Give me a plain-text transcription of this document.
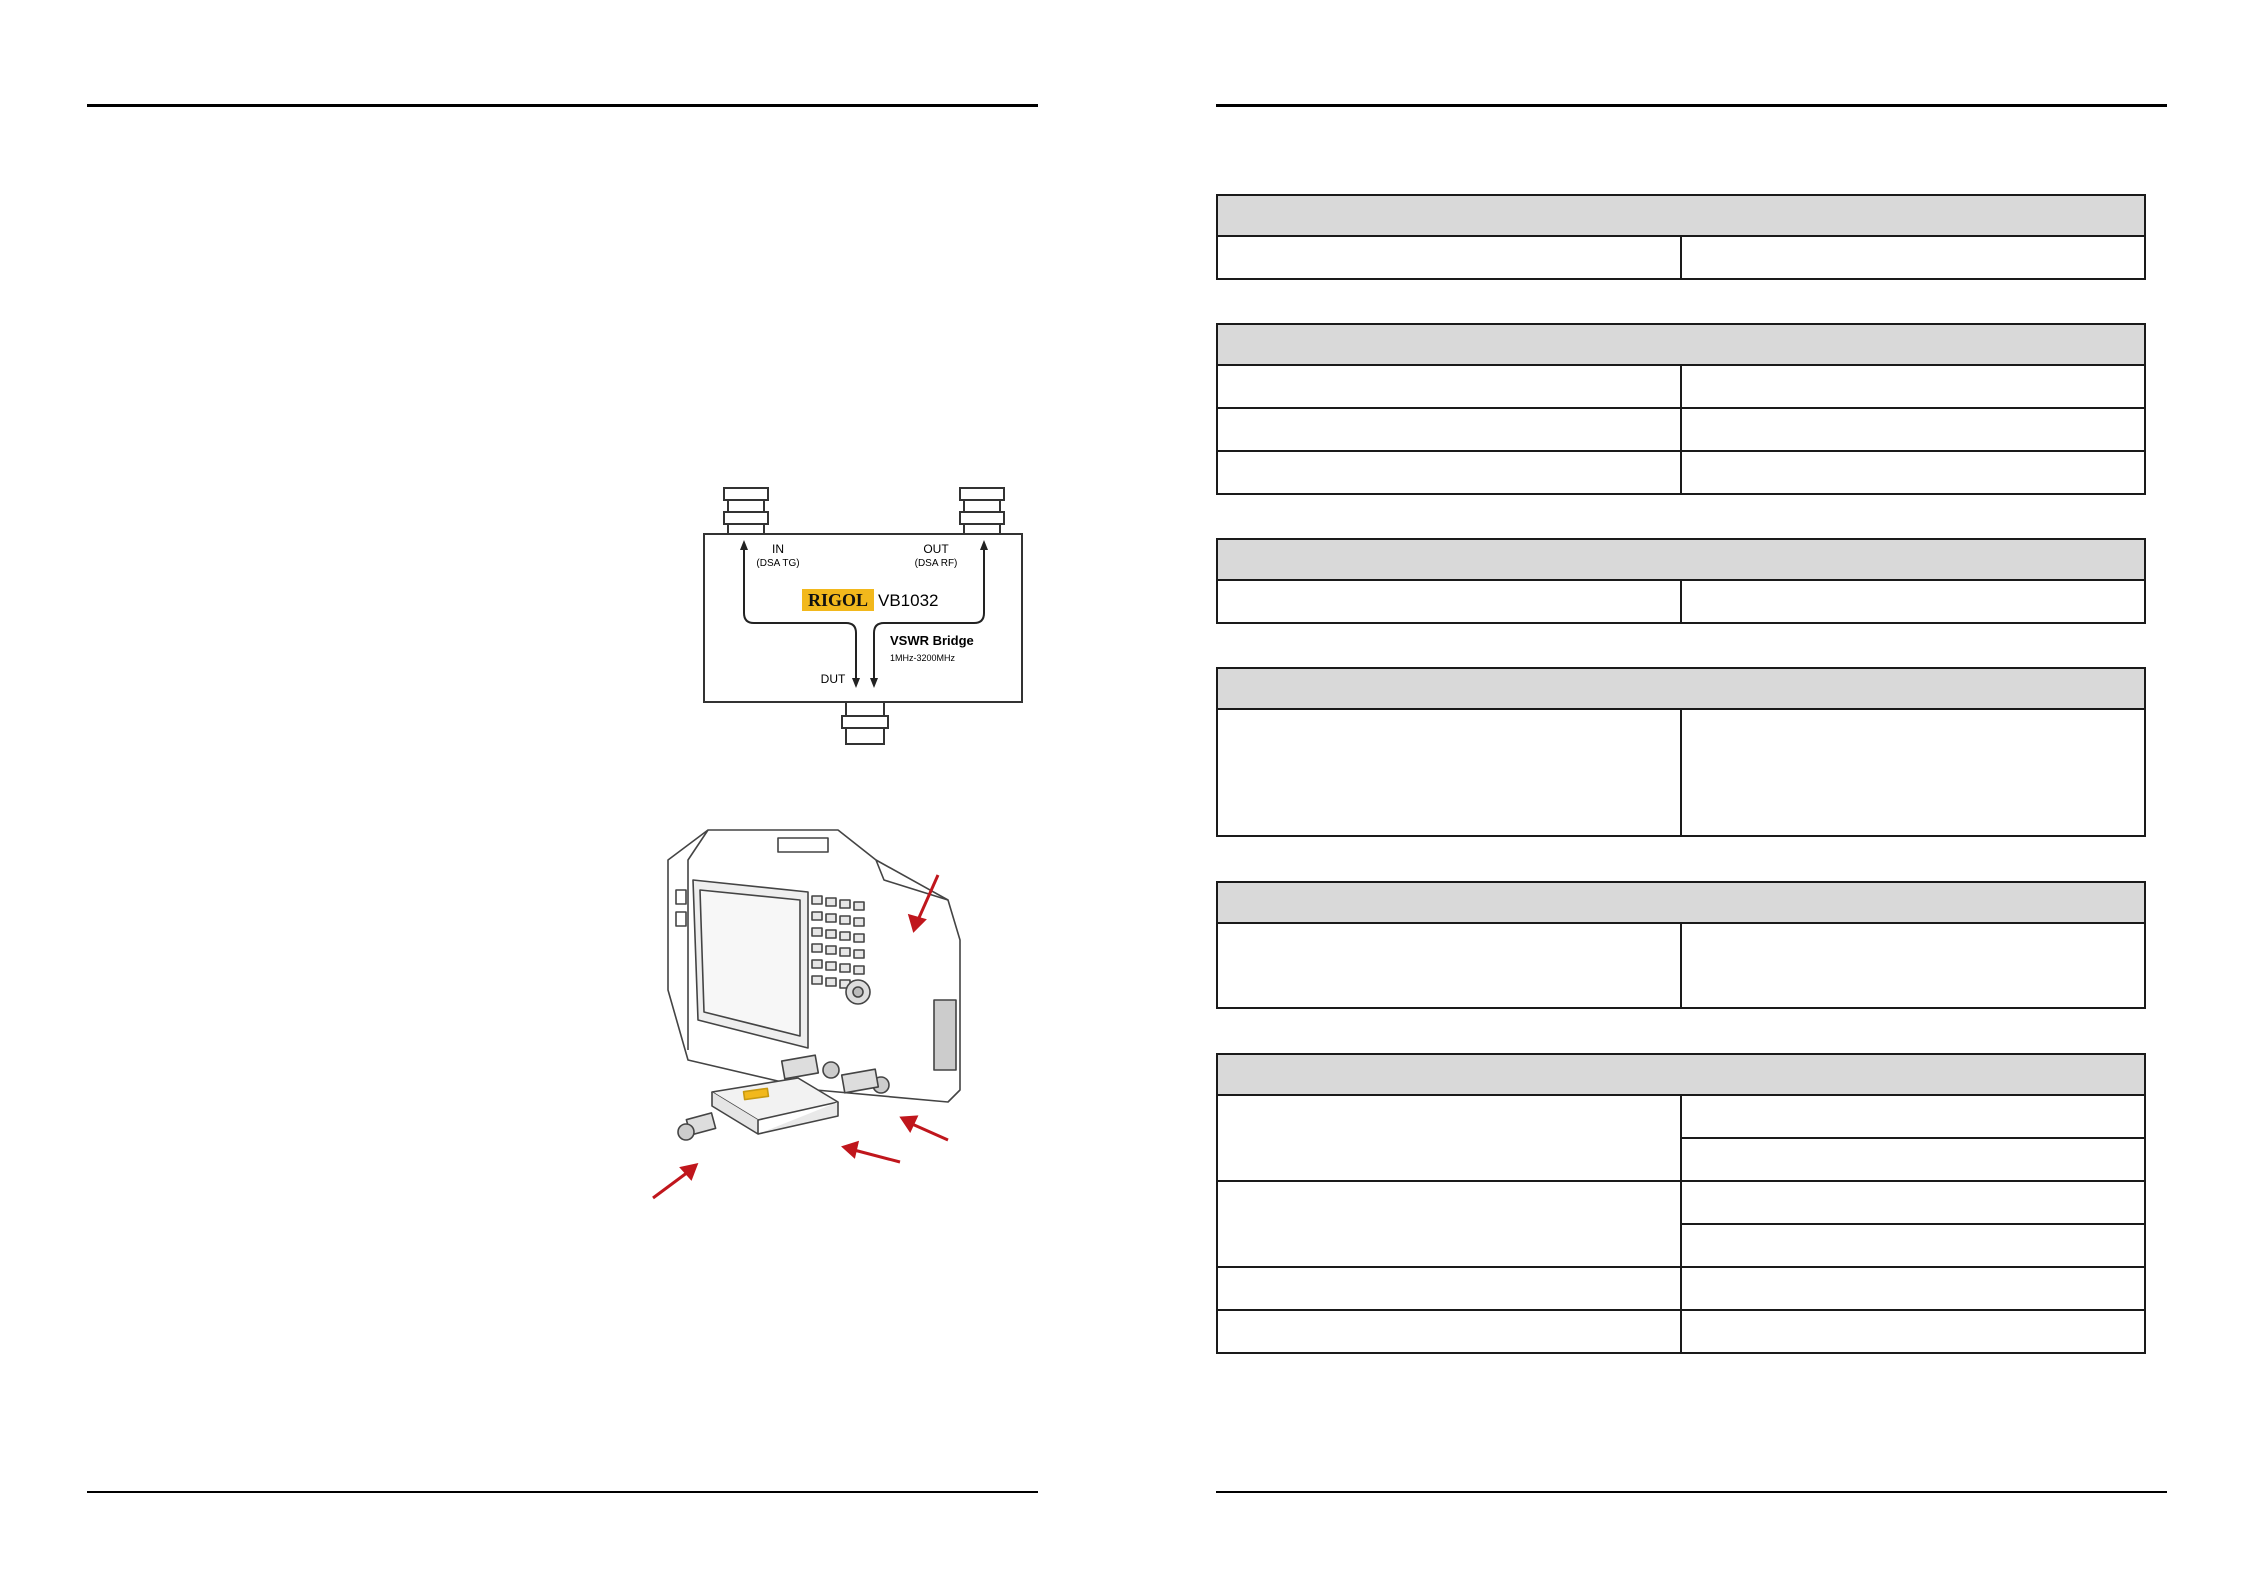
IN
(DSA TG)
OUT
(DSA RF)
RIGOL VB1032
VSWR Bridge
1MHz-3200MHz
DUT
